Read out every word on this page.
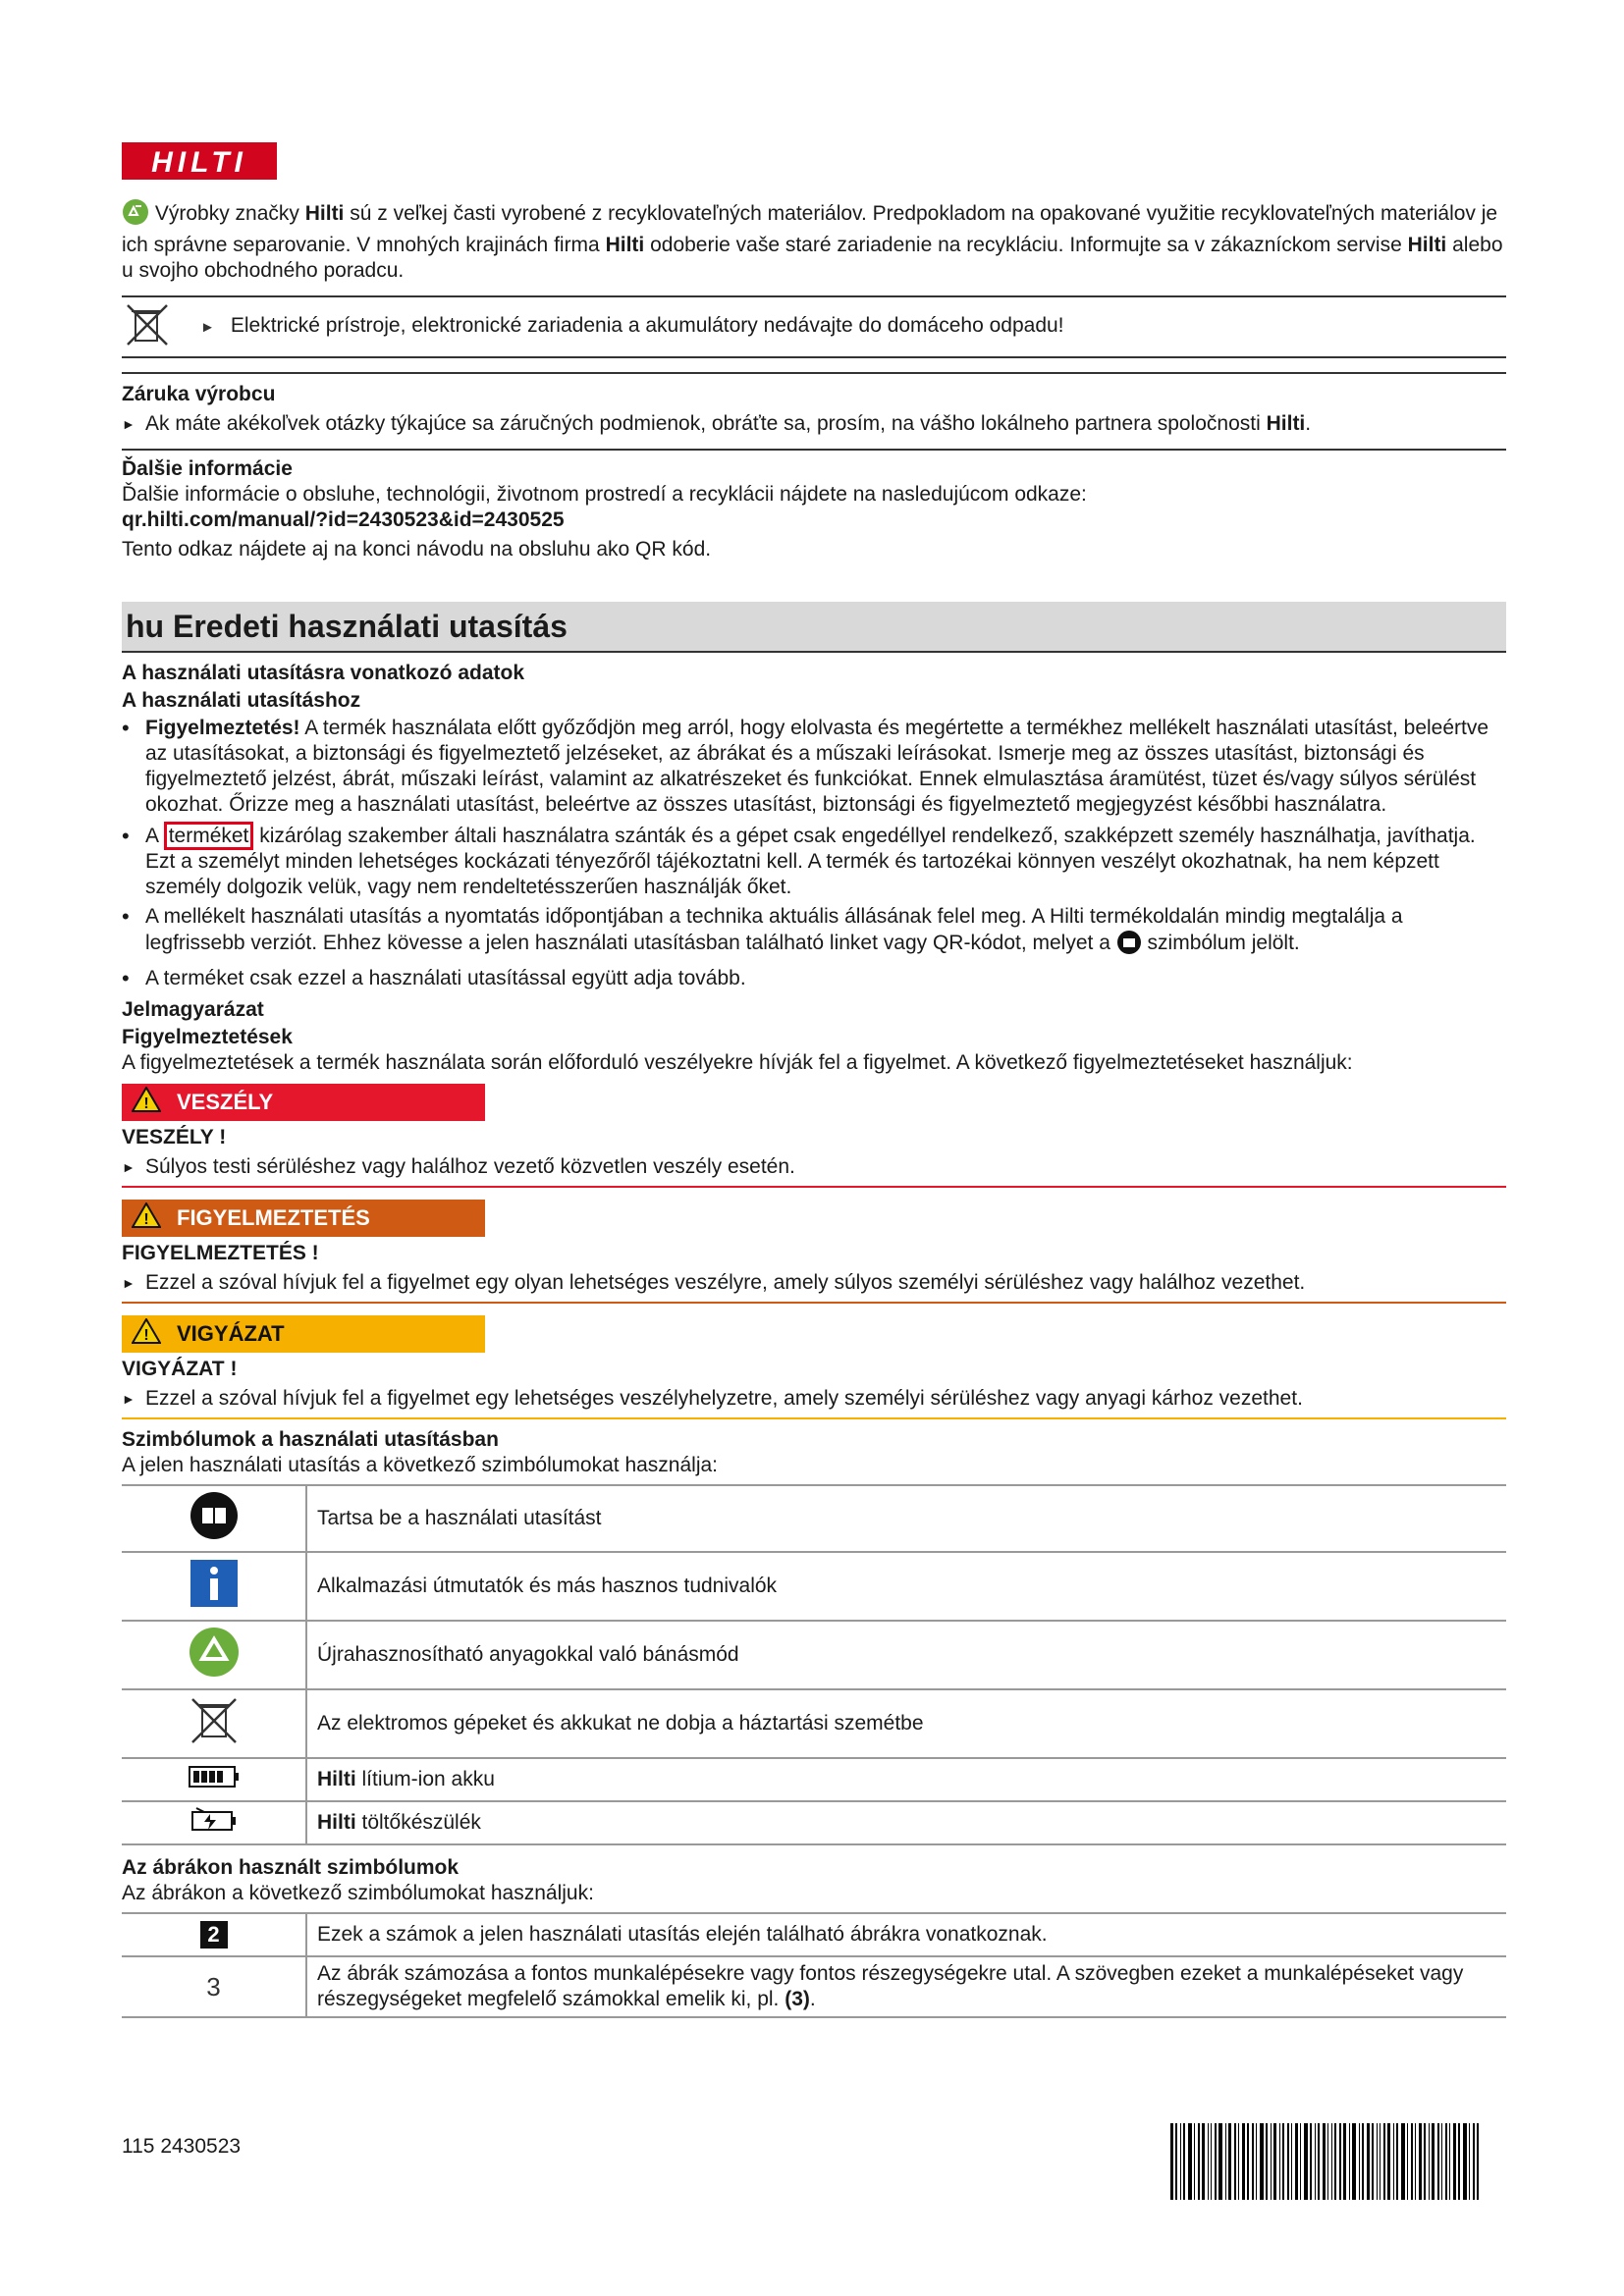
HILTI

Výrobky značky Hilti sú z veľkej časti vyrobené z recyklovateľných materiálov. Predpokladom na opakované využitie recyklovateľných materiálov je ich správne separovanie. V mnohých krajinách firma Hilti odoberie vaše staré zariadenie na recykláciu. Informujte sa v zákazníckom servise Hilti alebo u svojho obchodného poradcu.

► Elektrické prístroje, elektronické zariadenia a akumulátory nedávajte do domáceho odpadu!

Záruka výrobcu

► Ak máte akékoľvek otázky týkajúce sa záručných podmienok, obráťte sa, prosím, na vášho lokálneho partnera spoločnosti Hilti.

Ďalšie informácie

Ďalšie informácie o obsluhe, technológii, životnom prostredí a recyklácii nájdete na nasledujúcom odkaze:

qr.hilti.com/manual/?id=2430523&id=2430525

Tento odkaz nájdete aj na konci návodu na obsluhu ako QR kód.

hu Eredeti használati utasítás

A használati utasításra vonatkozó adatok

A használati utasításhoz

• Figyelmeztetés! A termék használata előtt győződjön meg arról, hogy elolvasta és megértette a termékhez mellékelt használati utasítást, beleértve az utasításokat, a biztonsági és figyelmeztető jelzéseket, az ábrákat és a műszaki leírásokat. Ismerje meg az összes utasítást, biztonsági és figyelmeztető jelzést, ábrát, műszaki leírást, valamint az alkatrészeket és funkciókat. Ennek elmulasztása áramütést, tüzet és/vagy súlyos sérülést okozhat. Őrizze meg a használati utasítást, beleértve az összes utasítást, biztonsági és figyelmeztető megjegyzést későbbi használatra.
• A terméket kizárólag szakember általi használatra szánták és a gépet csak engedéllyel rendelkező, szakképzett személy használhatja, javíthatja. Ezt a személyt minden lehetséges kockázati tényezőről tájékoztatni kell. A termék és tartozékai könnyen veszélyt okozhatnak, ha nem képzett személy dolgozik velük, vagy nem rendeltetésszerűen használják őket.
• A mellékelt használati utasítás a nyomtatás időpontjában a technika aktuális állásának felel meg. A Hilti termékoldalán mindig megtalálja a legfrissebb verziót. Ehhez kövesse a jelen használati utasításban található linket vagy QR-kódot, melyet a  szimbólum jelölt.
• A terméket csak ezzel a használati utasítással együtt adja tovább.

Jelmagyarázat

Figyelmeztetések

A figyelmeztetések a termék használata során előforduló veszélyekre hívják fel a figyelmet. A következő figyelmeztetéseket használjuk:

! VESZÉLY

VESZÉLY !

► Súlyos testi sérüléshez vagy halálhoz vezető közvetlen veszély esetén.
! FIGYELMEZTETÉS

FIGYELMEZTETÉS !

► Ezzel a szóval hívjuk fel a figyelmet egy olyan lehetséges veszélyre, amely súlyos személyi sérüléshez vagy halálhoz vezethet.
! VIGYÁZAT

VIGYÁZAT !

► Ezzel a szóval hívjuk fel a figyelmet egy lehetséges veszélyhelyzetre, amely személyi sérüléshez vagy anyagi kárhoz vezethet.

Szimbólumok a használati utasításban

A jelen használati utasítás a következő szimbólumokat használja:

	Tartsa be a használati utasítást
	Alkalmazási útmutatók és más hasznos tudnivalók
	Újrahasznosítható anyagokkal való bánásmód
	Az elektromos gépeket és akkukat ne dobja a háztartási szemétbe
	Hilti lítium-ion akku
	Hilti töltőkészülék

Az ábrákon használt szimbólumok

Az ábrákon a következő szimbólumokat használjuk:

2	Ezek a számok a jelen használati utasítás elején található ábrákra vonatkoznak.
3	Az ábrák számozása a fontos munkalépésekre vagy fontos részegységekre utal. A szövegben ezeket a munkalépéseket vagy részegységeket megfelelő számokkal emelik ki, pl. (3).
115 2430523
